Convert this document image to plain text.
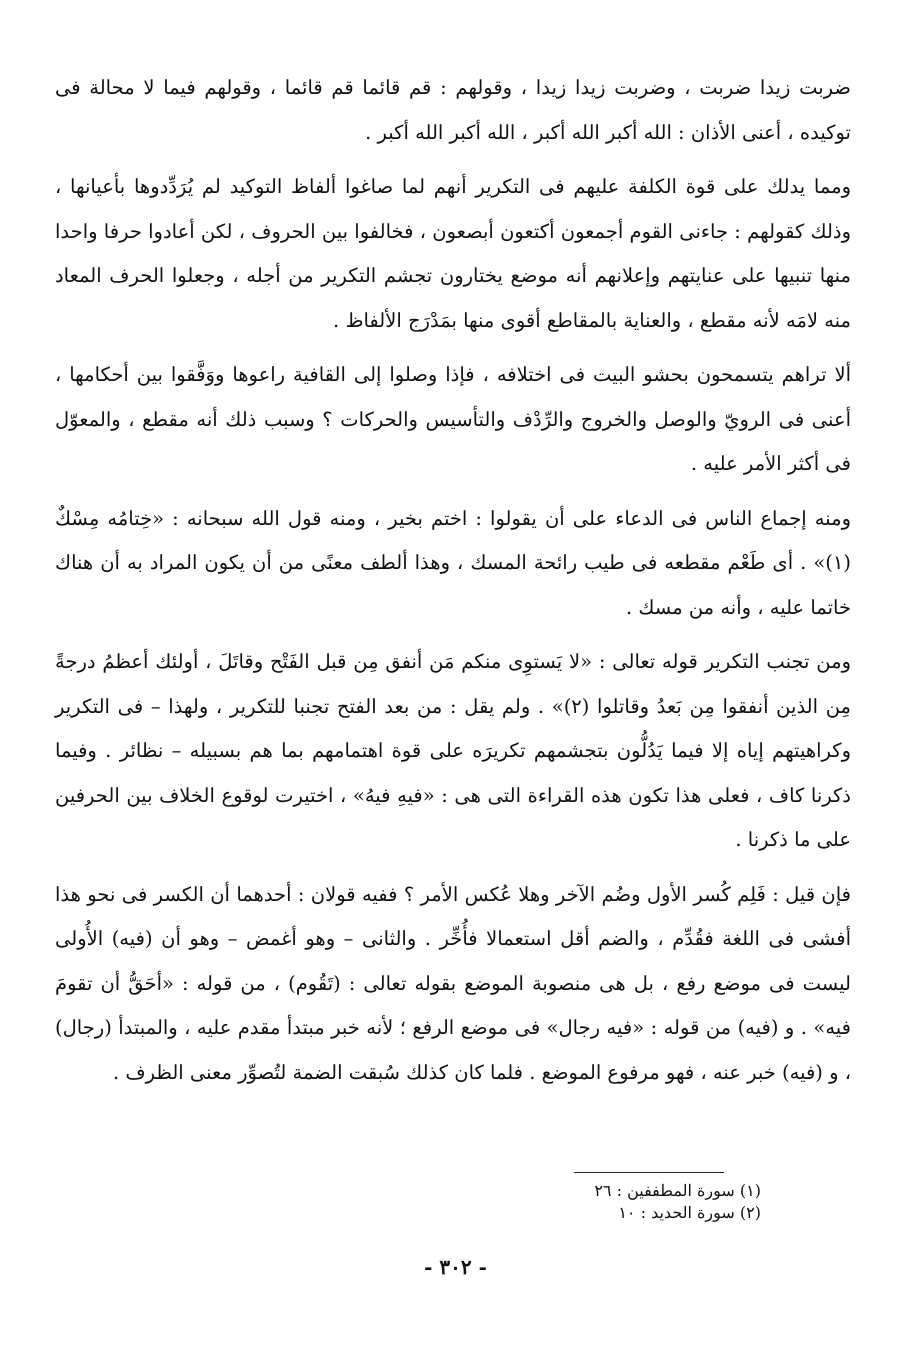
ضربت زيدا ضربت ، وضربت زيدا زيدا ، وقولهم : قم قائما قم قائما ، وقولهم فيما لا محالة فى توكيده ، أعنى الأذان : الله أكبر الله أكبر ، الله أكبر الله أكبر .

ومما يدلك على قوة الكلفة عليهم فى التكرير أنهم لما صاغوا ألفاظ التوكيد لم يُرَدِّدوها بأعيانها ، وذلك كقولهم : جاءنى القوم أجمعون أكتعون أبصعون ، فخالفوا بين الحروف ، لكن أعادوا حرفا واحدا منها تنبيها على عنايتهم وإعلانهم أنه موضع يختارون تجشم التكرير من أجله ، وجعلوا الحرف المعاد منه لامَه لأنه مقطع ، والعناية بالمقاطع أقوى منها بمَدْرَج الألفاظ .

ألا تراهم يتسمحون بحشو البيت فى اختلافه ، فإذا وصلوا إلى القافية راعوها ووَفَّقوا بين أحكامها ، أعنى فى الرويّ والوصل والخروج والرِّدْف والتأسيس والحركات ؟ وسبب ذلك أنه مقطع ، والمعوّل فى أكثر الأمر عليه .

ومنه إجماع الناس فى الدعاء على أن يقولوا : اختم بخير ، ومنه قول الله سبحانه : «خِتامُه مِسْكٌ (١)» . أى طَعْم مقطعه فى طيب رائحة المسك ، وهذا ألطف معنًى من أن يكون المراد به أن هناك خاتما عليه ، وأنه من مسك .

ومن تجنب التكرير قوله تعالى : «لا يَستوِى منكم مَن أنفق مِن قبل الفَتْح وقاتَلَ ، أولئك أعظمُ درجةً مِن الذين أنفقوا مِن بَعدُ وقاتلوا (٢)» . ولم يقل : من بعد الفتح تجنبا للتكرير ، ولهذا – فى التكرير وكراهيتهم إياه إلا فيما يَدُلُّون بتجشمهم تكريرَه على قوة اهتمامهم بما هم بسبيله – نظائر . وفيما ذكرنا كاف ، فعلى هذا تكون هذه القراءة التى هى : «فيهِ فيهُ» ، اختيرت لوقوع الخلاف بين الحرفين على ما ذكرنا .

فإن قيل : فَلِم كُسر الأول وضُم الآخر وهلا عُكس الأمر ؟ ففيه قولان : أحدهما أن الكسر فى نحو هذا أفشى فى اللغة فقُدِّم ، والضم أقل استعمالا فأُخِّر . والثانى – وهو أغمض – وهو أن (فيه) الأُولى ليست فى موضع رفع ، بل هى منصوبة الموضع بقوله تعالى : (تَقُوم) ، من قوله : «أحَقُّ أن تقومَ فيه» . و (فيه) من قوله : «فيه رجال» فى موضع الرفع ؛ لأنه خبر مبتدأ مقدم عليه ، والمبتدأ (رجال) ، و (فيه) خبر عنه ، فهو مرفوع الموضع . فلما كان كذلك سُبقت الضمة لتُصوِّر معنى الظرف .

(١) سورة المطففين : ٢٦

(٢) سورة الحديد : ١٠

- ٣٠٢ -
